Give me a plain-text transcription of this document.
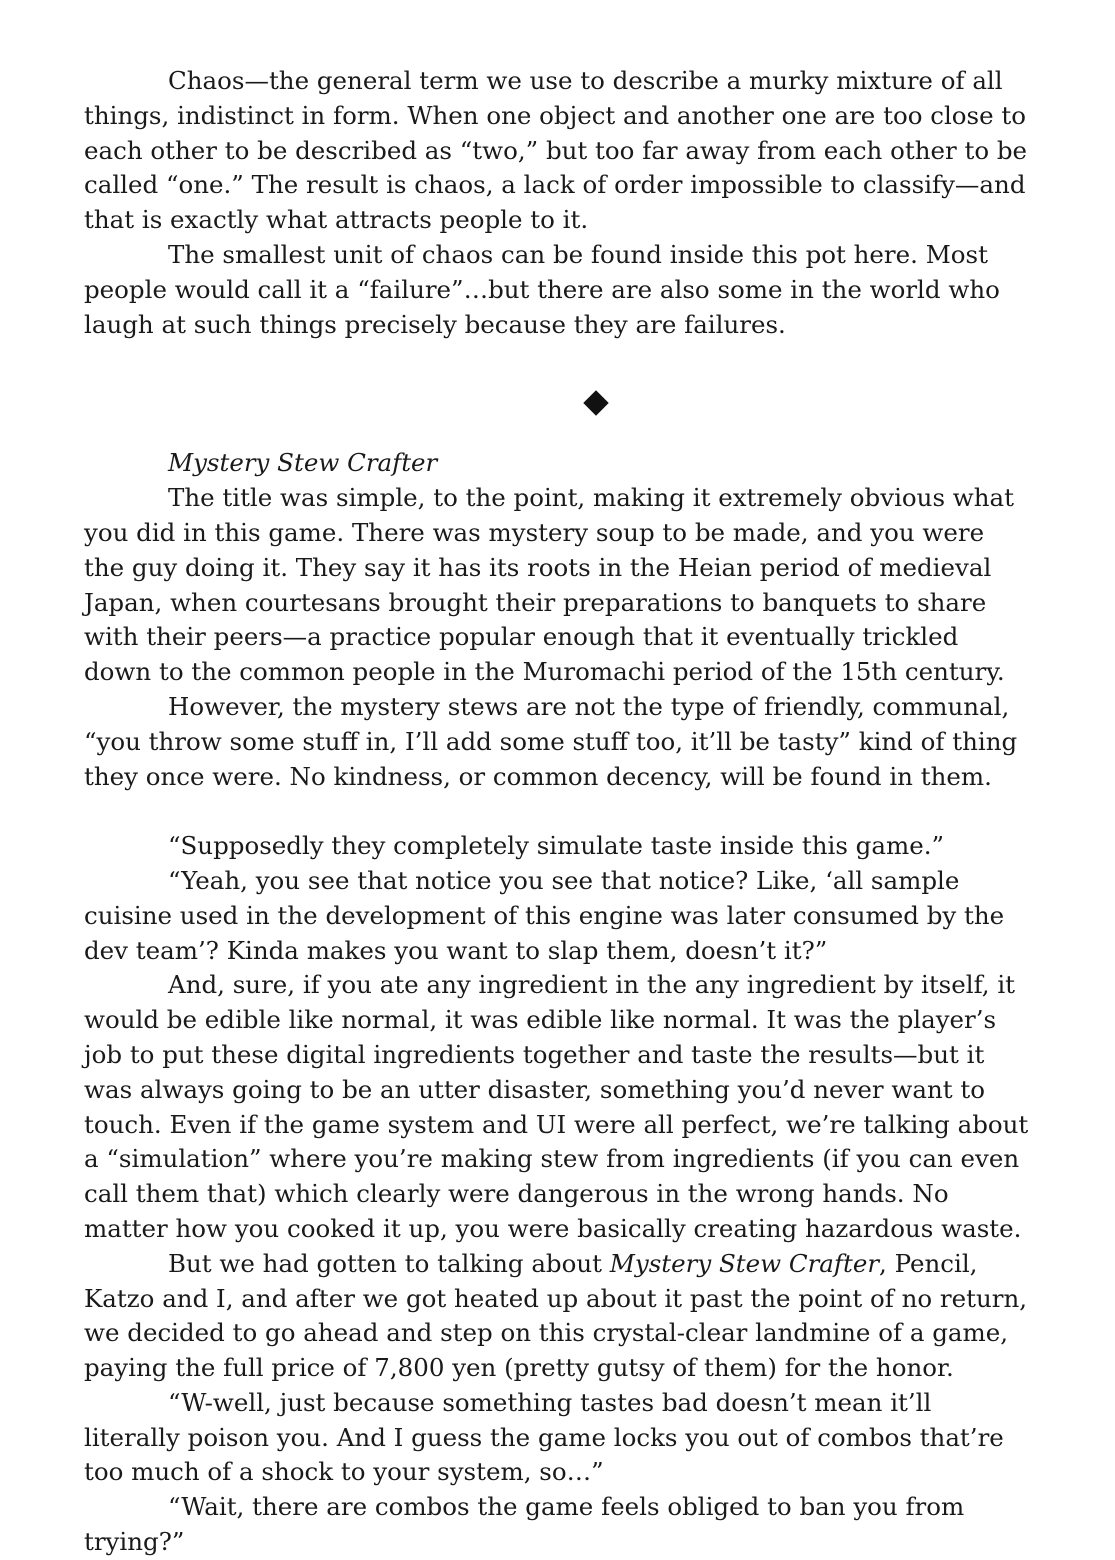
Chaos—the general term we use to describe a murky mixture of all things, indistinct in form. When one object and another one are too close to each other to be described as “two,” but too far away from each other to be called “one.” The result is chaos, a lack of order impossible to classify—and that is exactly what attracts people to it.

The smallest unit of chaos can be found inside this pot here. Most people would call it a “failure”…but there are also some in the world who laugh at such things precisely because they are failures.

Mystery Stew Crafter

The title was simple, to the point, making it extremely obvious what you did in this game. There was mystery soup to be made, and you were the guy doing it. They say it has its roots in the Heian period of medieval Japan, when courtesans brought their preparations to banquets to share with their peers—a practice popular enough that it eventually trickled down to the common people in the Muromachi period of the 15th century.

However, the mystery stews are not the type of friendly, communal, “you throw some stuff in, I’ll add some stuff too, it’ll be tasty” kind of thing they once were. No kindness, or common decency, will be found in them.

“Supposedly they completely simulate taste inside this game.”

“Yeah, you see that notice you see that notice? Like, ‘all sample cuisine used in the development of this engine was later consumed by the dev team’? Kinda makes you want to slap them, doesn’t it?”

And, sure, if you ate any ingredient in the any ingredient by itself, it would be edible like normal, it was edible like normal. It was the player’s job to put these digital ingredients together and taste the results—but it was always going to be an utter disaster, something you’d never want to touch. Even if the game system and UI were all perfect, we’re talking about a “simulation” where you’re making stew from ingredients (if you can even call them that) which clearly were dangerous in the wrong hands. No matter how you cooked it up, you were basically creating hazardous waste.

But we had gotten to talking about Mystery Stew Crafter, Pencil, Katzo and I, and after we got heated up about it past the point of no return, we decided to go ahead and step on this crystal-clear landmine of a game, paying the full price of 7,800 yen (pretty gutsy of them) for the honor.

“W-well, just because something tastes bad doesn’t mean it’ll literally poison you. And I guess the game locks you out of combos that’re too much of a shock to your system, so…”

“Wait, there are combos the game feels obliged to ban you from trying?”
